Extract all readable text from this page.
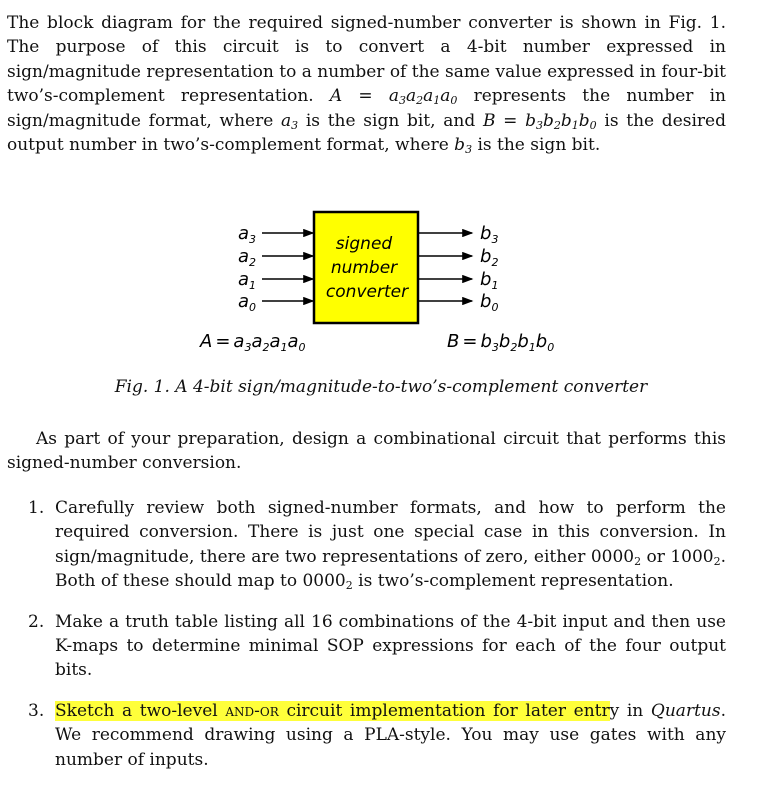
The block diagram for the required signed-number converter is shown in Fig. 1. The purpose of this circuit is to convert a 4-bit number expressed in sign/magnitude representation to a number of the same value expressed in four-bit two’s-complement representation. $A = a_3a_2a_1a_0$ represents the number in sign/magnitude format, where $a_3$ is the sign bit, and $B = b_3b_2b_1b_0$ is the desired output number in two’s-complement format, where $b_3$ is the sign bit.
signed
number
converter
$a_3$
$a_2$
$a_1$
$a_0$
$b_3$
$b_2$
$b_1$
$b_0$
$A = a_3a_2a_1a_0$	$B = b_3b_2b_1b_0$
Fig. 1. A 4-bit sign/magnitude-to-two’s-complement converter
As part of your preparation, design a combinational circuit that performs this signed-number conversion.
1. Carefully review both signed-number formats, and how to perform the required conversion. There is just one special case in this conversion. In sign/magnitude, there are two representations of zero, either $0000_2$ or $1000_2$. Both of these should map to $0000_2$ is two’s-complement representation.
2. Make a truth table listing all 16 combinations of the 4-bit input and then use K-maps to determine minimal SOP expressions for each of the four output bits.
3. Sketch a two-level and-or circuit implementation for later entry in Quartus. We recommend drawing using a PLA-style. You may use gates with any number of inputs.
